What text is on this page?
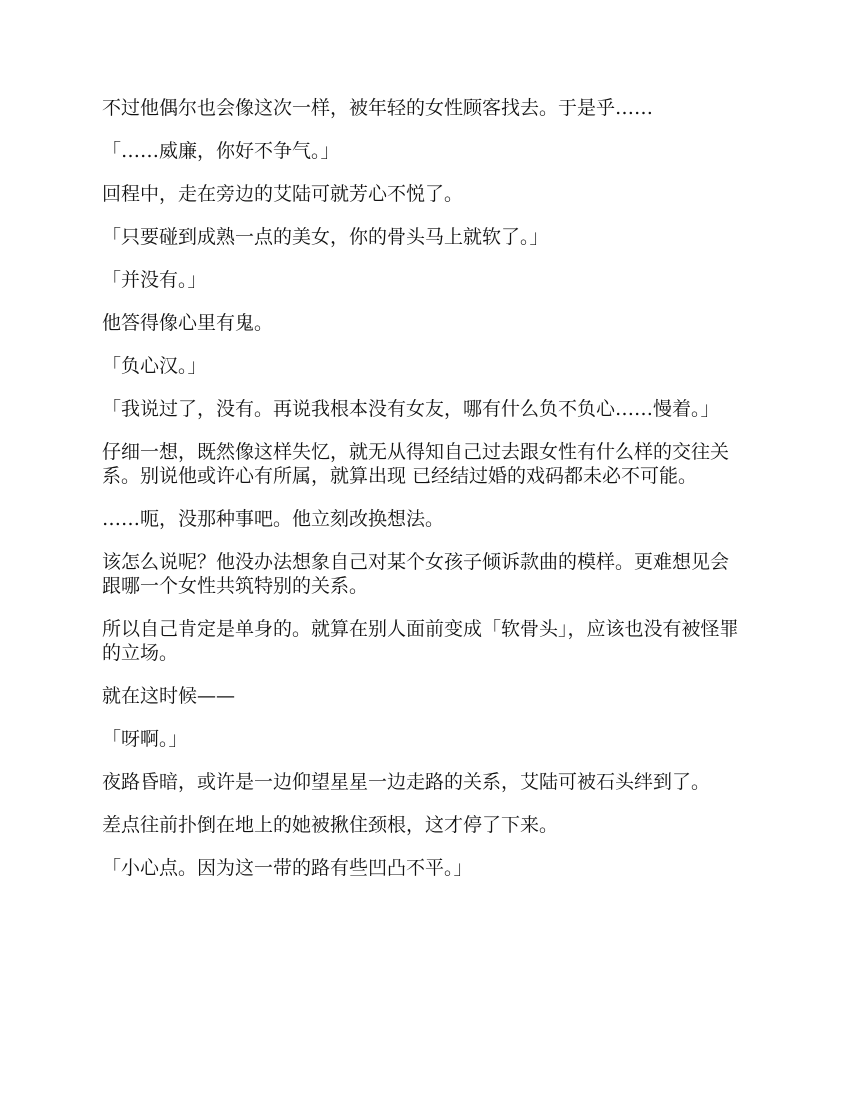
不过他偶尔也会像这次一样，被年轻的女性顾客找去。于是乎……

「……威廉，你好不争气。」

回程中，走在旁边的艾陆可就芳心不悦了。

「只要碰到成熟一点的美女，你的骨头马上就软了。」

「并没有。」

他答得像心里有鬼。

「负心汉。」

「我说过了，没有。再说我根本没有女友，哪有什么负不负心……慢着。」

仔细一想，既然像这样失忆，就无从得知自己过去跟女性有什么样的交往关系。别说他或许心有所属，就算出现 已经结过婚的戏码都未必不可能。

……呃，没那种事吧。他立刻改换想法。

该怎么说呢？他没办法想象自己对某个女孩子倾诉款曲的模样。更难想见会跟哪一个女性共筑特别的关系。

所以自己肯定是单身的。就算在别人面前变成「软骨头」，应该也没有被怪罪的立场。

就在这时候——

「呀啊。」

夜路昏暗，或许是一边仰望星星一边走路的关系，艾陆可被石头绊到了。

差点往前扑倒在地上的她被揪住颈根，这才停了下来。

「小心点。因为这一带的路有些凹凸不平。」
